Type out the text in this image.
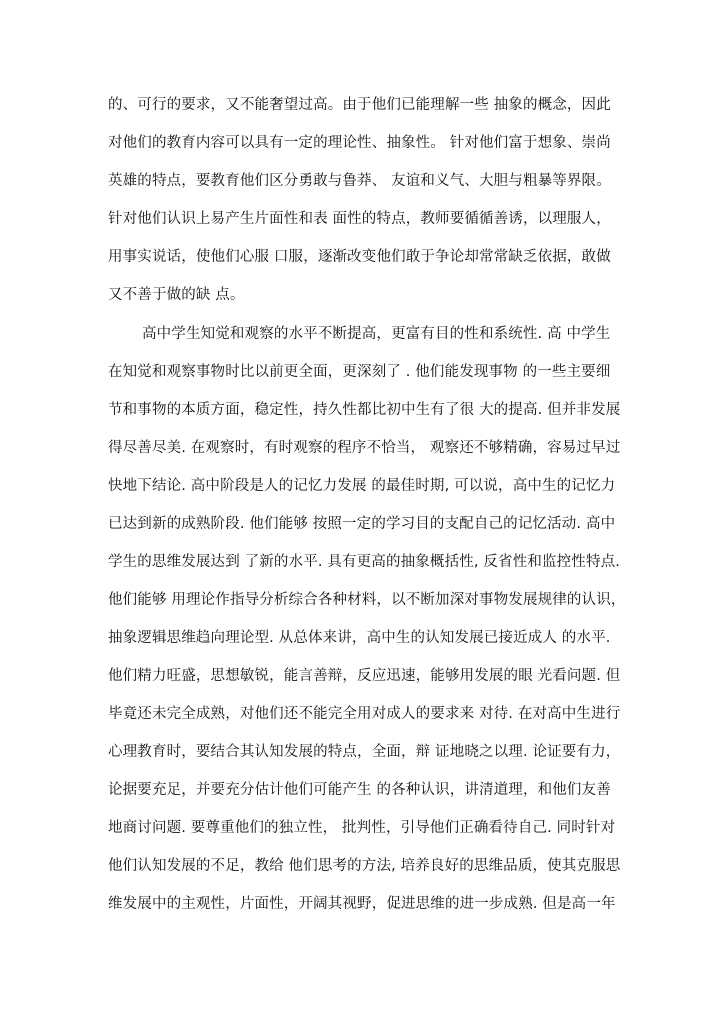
的、可行的要求，又不能奢望过高。由于他们已能理解一些 抽象的概念，因此

对他们的教育内容可以具有一定的理论性、抽象性。 针对他们富于想象、崇尚

英雄的特点，要教育他们区分勇敢与鲁莽、 友谊和义气、大胆与粗暴等界限。

针对他们认识上易产生片面性和表 面性的特点，教师要循循善诱，以理服人，

用事实说话，使他们心服 口服，逐渐改变他们敢于争论却常常缺乏依据，敢做

又不善于做的缺 点。

高中学生知觉和观察的水平不断提高，更富有目的性和系统性. 高 中学生

在知觉和观察事物时比以前更全面，更深刻了 . 他们能发现事物 的一些主要细

节和事物的本质方面，稳定性，持久性都比初中生有了很 大的提高. 但并非发展

得尽善尽美. 在观察时，有时观察的程序不恰当， 观察还不够精确，容易过早过

快地下结论. 高中阶段是人的记忆力发展 的最佳时期, 可以说，高中生的记忆力

已达到新的成熟阶段. 他们能够 按照一定的学习目的支配自己的记忆活动. 高中

学生的思维发展达到 了新的水平. 具有更高的抽象概括性, 反省性和监控性特点.

他们能够 用理论作指导分析综合各种材料，以不断加深对事物发展规律的认识，

抽象逻辑思维趋向理论型. 从总体来讲，高中生的认知发展已接近成人 的水平.

他们精力旺盛，思想敏锐，能言善辩，反应迅速，能够用发展的眼 光看问题. 但

毕竟还未完全成熟，对他们还不能完全用对成人的要求来 对待. 在对高中生进行

心理教育时，要结合其认知发展的特点，全面，辩 证地晓之以理. 论证要有力，

论据要充足，并要充分估计他们可能产生 的各种认识，讲清道理，和他们友善

地商讨问题. 要尊重他们的独立性， 批判性，引导他们正确看待自己. 同时针对

他们认知发展的不足，教给 他们思考的方法, 培养良好的思维品质，使其克服思

维发展中的主观性，片面性，开阔其视野，促进思维的进一步成熟. 但是高一年
